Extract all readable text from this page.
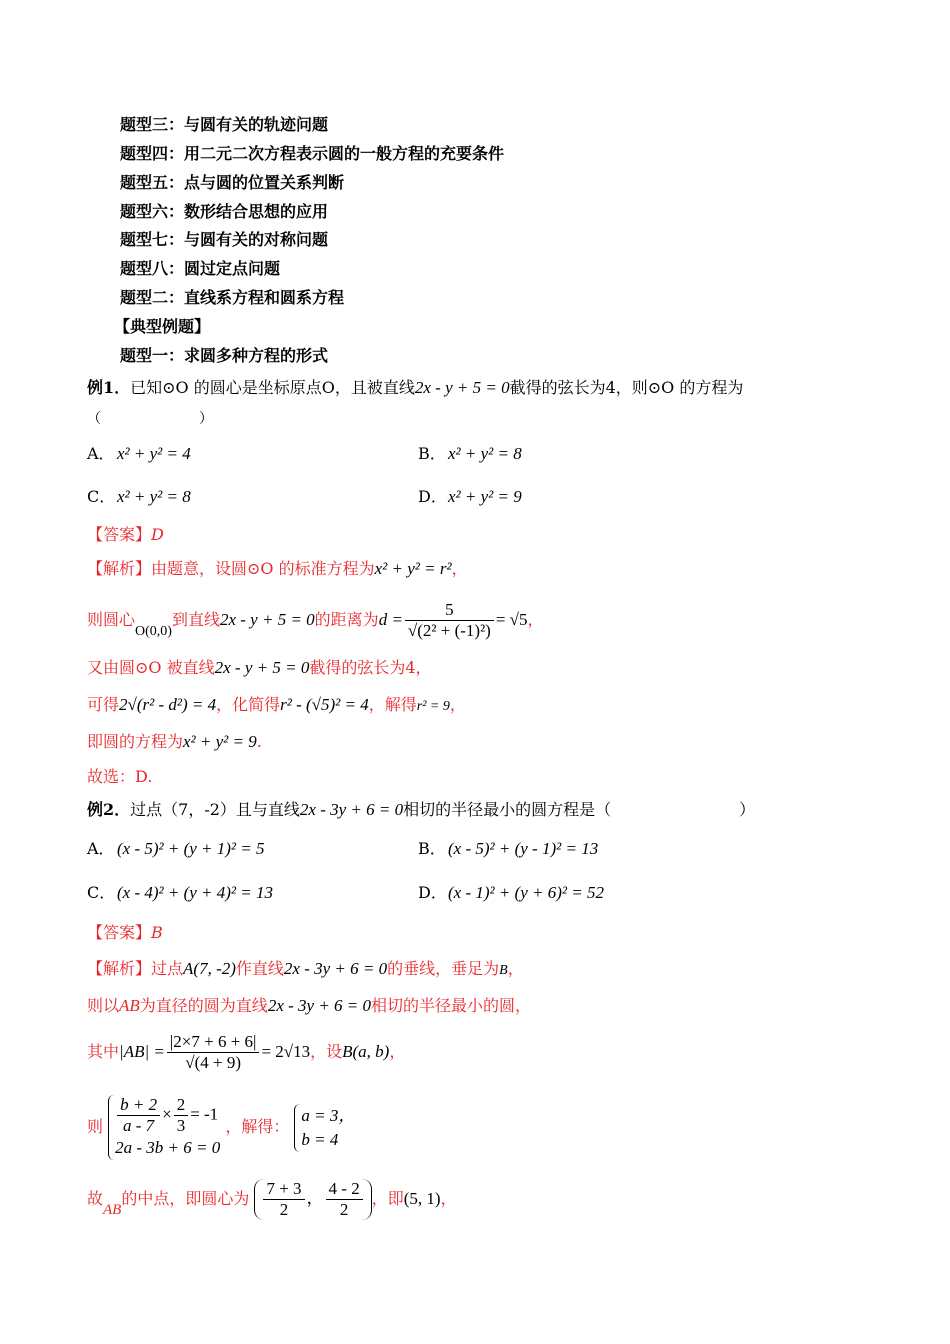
题型三：与圆有关的轨迹问题
题型四：用二元二次方程表示圆的一般方程的充要条件
题型五：点与圆的位置关系判断
题型六：数形结合思想的应用
题型七：与圆有关的对称问题
题型八：圆过定点问题
题型二：直线系方程和圆系方程
【典型例题】
题型一：求圆多种方程的形式
例1．已知⊙O 的圆心是坐标原点O，且被直线2x - y + 5 = 0截得的弦长为4，则⊙O 的方程为
（　　　　　　　）
A． x² + y² = 4	B． x² + y² = 8
C． x² + y² = 8	D．x² + y² = 9
【答案】D
【解析】由题意，设圆⊙O 的标准方程为x² + y² = r²，
则圆心O(0,0)到直线2x - y + 5 = 0的距离为$d = \frac{5}{\text{√(2² + (-1)²)}} = √5$，
又由圆⊙O 被直线2x - y + 5 = 0截得的弦长为4，
可得2√(r² - d²) = 4，化简得r² - (√5)² = 4，解得r² = 9，
即圆的方程为x² + y² = 9.
故选：D.
例2．过点（7，-2）且与直线2x - 3y + 6 = 0相切的半径最小的圆方程是（　　　　　　　　）
A． (x - 5)² + (y + 1)² = 5	B． (x - 5)² + (y - 1)² = 13
C． (x - 4)² + (y + 4)² = 13	D．(x - 1)² + (y + 6)² = 52
【答案】B
【解析】过点A(7, -2)作直线2x - 3y + 6 = 0的垂线，垂足为B，
则以AB为直径的圆为直线2x - 3y + 6 = 0相切的半径最小的圆，
其中$|AB| = \frac{|2\times 7 + 6 + 6|}{√(4 + 9)} = 2√13$，设B(a, b)，
则 $\frac{b + 2}{a - 7} \times \frac{2}{3} = -1$
2a - 3b + 6 = 0
，解得：
a = 3，
b = 4
故AB的中点，即圆心为 $\frac{7 + 3}{2}$ ， $\frac{4 - 2}{2}$ ，即(5, 1)，
